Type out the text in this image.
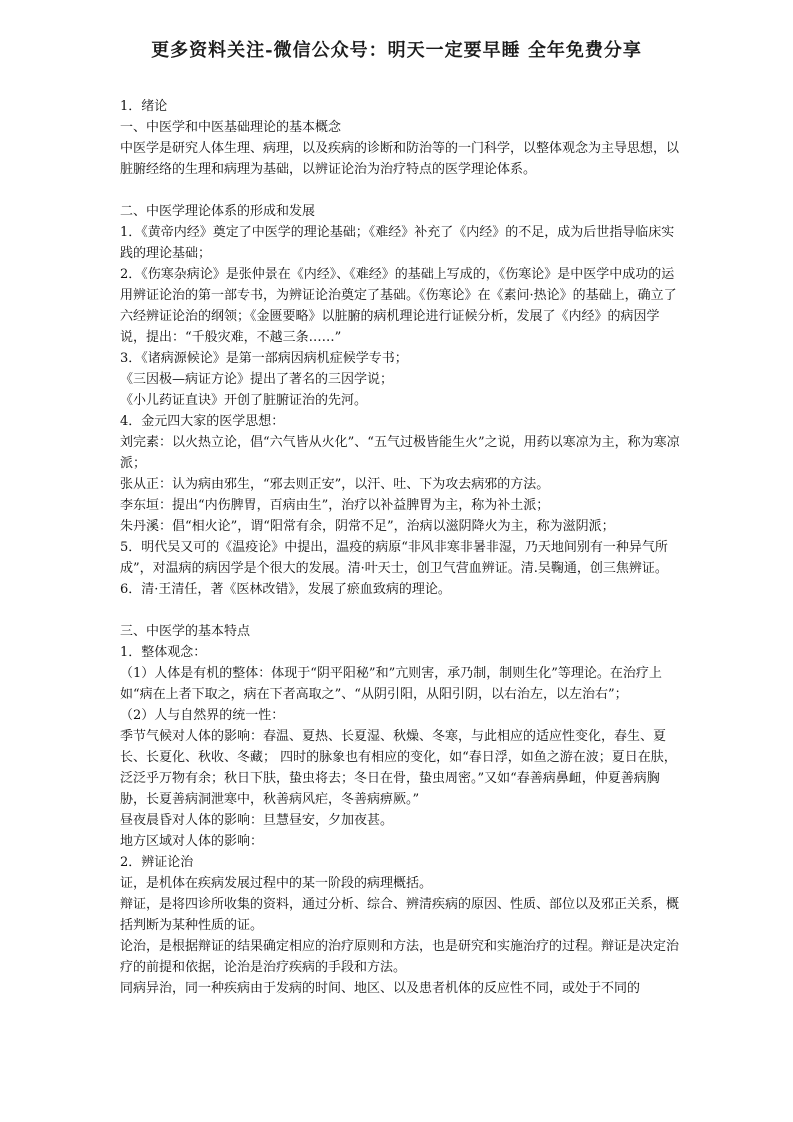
更多资料关注-微信公众号：明天一定要早睡 全年免费分享

1．绪论

一、中医学和中医基础理论的基本概念

中医学是研究人体生理、病理，以及疾病的诊断和防治等的一门科学，以整体观念为主导思想，以脏腑经络的生理和病理为基础，以辨证论治为治疗特点的医学理论体系。

二、中医学理论体系的形成和发展

1．《黄帝内经》奠定了中医学的理论基础；《难经》补充了《内经》的不足，成为后世指导临床实践的理论基础；

2．《伤寒杂病论》是张仲景在《内经》、《难经》的基础上写成的，《伤寒论》是中医学中成功的运用辨证论治的第一部专书，为辨证论治奠定了基础。《伤寒论》在《素问·热论》的基础上，确立了六经辨证论治的纲领；《金匮要略》以脏腑的病机理论进行证候分析，发展了《内经》的病因学说，提出：“千般灾难，不越三条……”

3．《诸病源候论》是第一部病因病机症候学专书；

《三因极—病证方论》提出了著名的三因学说；

《小儿药证直诀》开创了脏腑证治的先河。

4．金元四大家的医学思想：

刘完素：以火热立论，倡“六气皆从火化”、“五气过极皆能生火”之说，用药以寒凉为主，称为寒凉派；

张从正：认为病由邪生，“邪去则正安”，以汗、吐、下为攻去病邪的方法。

李东垣：提出“内伤脾胃，百病由生”，治疗以补益脾胃为主，称为补土派；

朱丹溪：倡“相火论”，谓“阳常有余，阴常不足”，治病以滋阴降火为主，称为滋阴派；

5．明代吴又可的《温疫论》中提出，温疫的病原“非风非寒非暑非湿，乃天地间别有一种异气所成”，对温病的病因学是个很大的发展。清·叶天士，创卫气营血辨证。清.吴鞠通，创三焦辨证。

6．清·王清任，著《医林改错》，发展了瘀血致病的理论。

三、中医学的基本特点

1．整体观念：

（1）人体是有机的整体：体现于“阴平阳秘”和”亢则害，承乃制，制则生化”等理论。在治疗上如“病在上者下取之，病在下者高取之”、“从阴引阳，从阳引阴，以右治左，以左治右”；

（2）人与自然界的统一性：

季节气候对人体的影响：春温、夏热、长夏湿、秋燥、冬寒，与此相应的适应性变化，春生、夏长、长夏化、秋收、冬藏； 四时的脉象也有相应的变化，如“春日浮，如鱼之游在波；夏日在肤，泛泛乎万物有余；秋日下肤，蛰虫将去；冬日在骨，蛰虫周密。”又如“春善病鼻衄，仲夏善病胸胁，长夏善病洞泄寒中，秋善病风疟，冬善病痹厥。”

昼夜晨昏对人体的影响：旦慧昼安，夕加夜甚。

地方区域对人体的影响：

2．辨证论治

证，是机体在疾病发展过程中的某一阶段的病理概括。

辩证，是将四诊所收集的资料，通过分析、综合、辨清疾病的原因、性质、部位以及邪正关系，概括判断为某种性质的证。

论治，是根据辩证的结果确定相应的治疗原则和方法，也是研究和实施治疗的过程。辩证是决定治疗的前提和依据，论治是治疗疾病的手段和方法。

同病异治，同一种疾病由于发病的时间、地区、以及患者机体的反应性不同，或处于不同的
